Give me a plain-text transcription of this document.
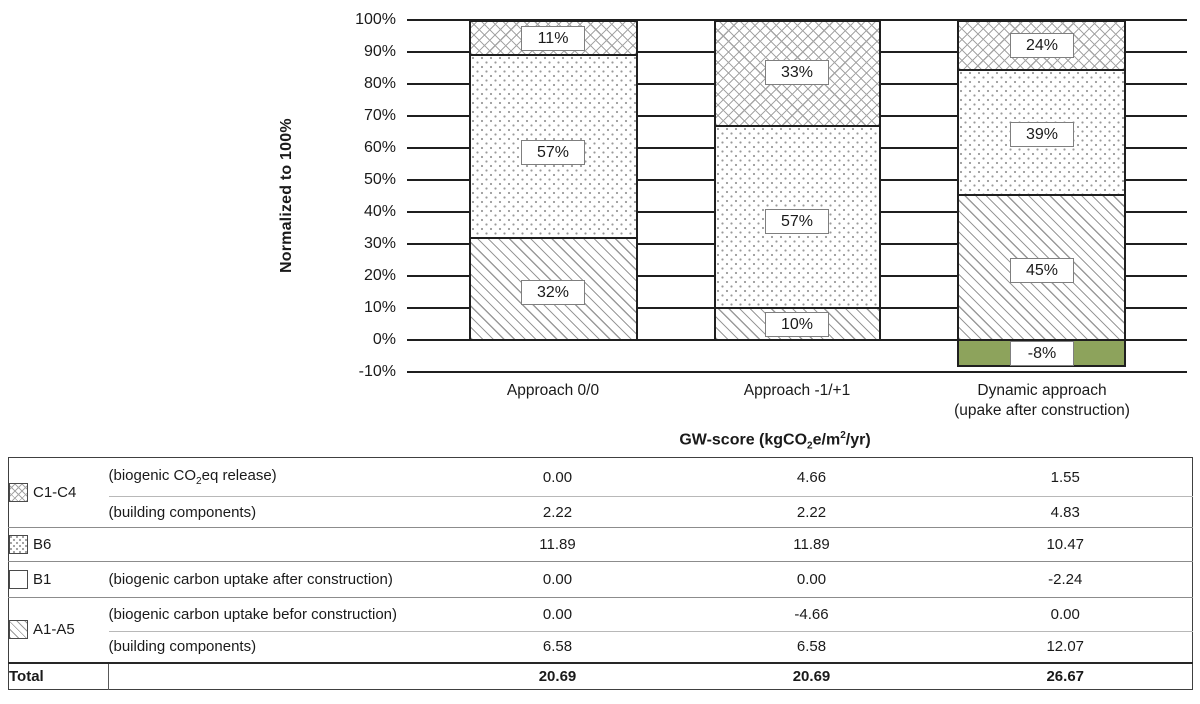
Normalized to 100%
100%
90%
80%
70%
60%
50%
40%
30%
20%
10%
0%
-10%
11%
57%
32%
33%
57%
10%
24%
39%
45%
-8%
Approach 0/0	Approach -1/+1	Dynamic approach
(upake after construction)
GW-score $(kgCO_2e/m^2/yr)$
C1-C4	(biogenic $CO_2eq$ release)	0.00	4.66	1.55
	(building components)	2.22	2.22	4.83

B6		11.89	11.89	10.47

B1	(biogenic carbon uptake after construction)	0.00	0.00	-2.24

A1-A5	(biogenic carbon uptake befor construction)	0.00	-4.66	0.00
	(building components)	6.58	6.58	12.07
Total		20.69	20.69	26.67
